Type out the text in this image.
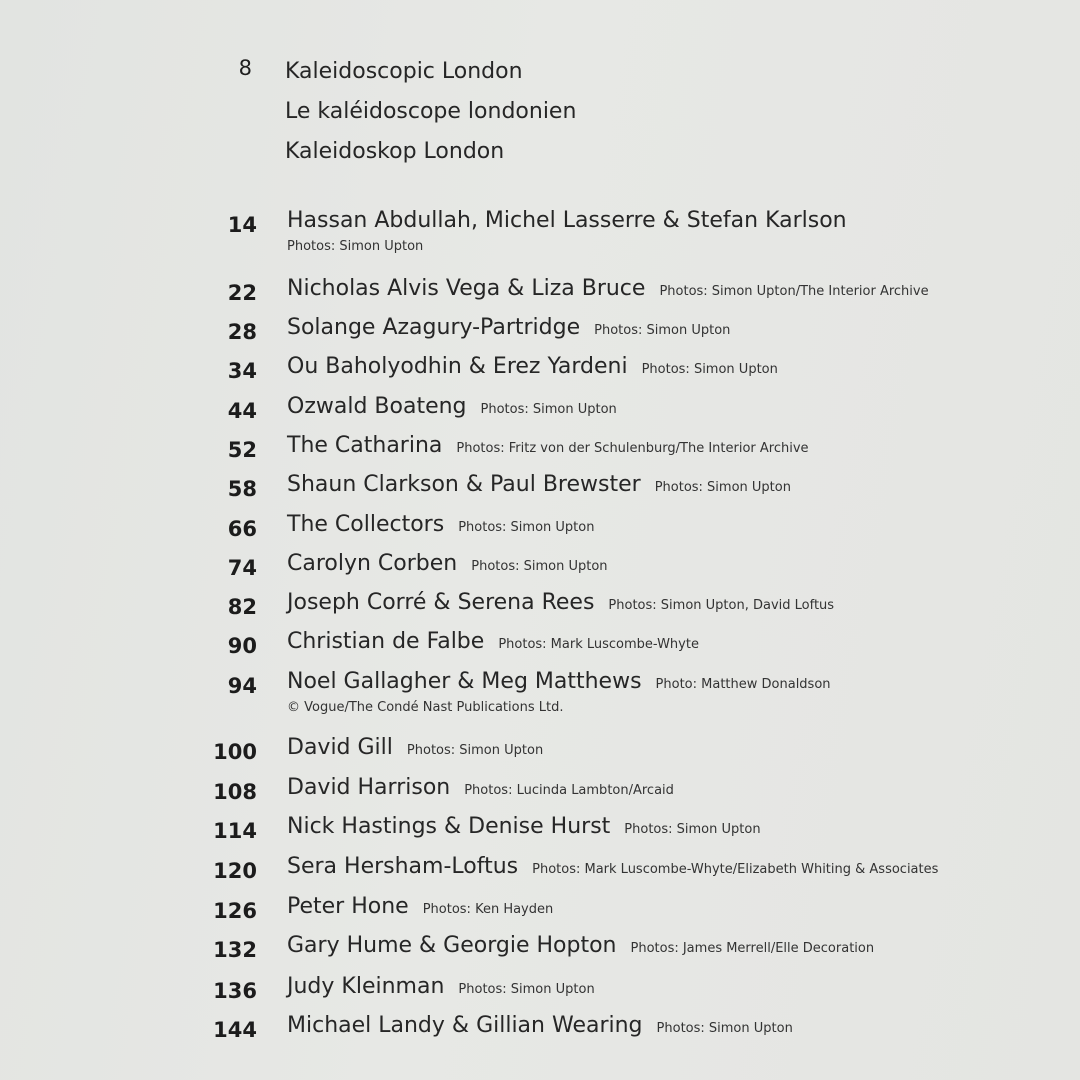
8 Kaleidoscopic London
Le kaléidoscope londonien
Kaleidoskop London
14 Hassan Abdullah, Michel Lasserre & Stefan Karlson
Photos: Simon Upton
22 Nicholas Alvis Vega & Liza Bruce Photos: Simon Upton/The Interior Archive
28 Solange Azagury-Partridge Photos: Simon Upton
34 Ou Baholyodhin & Erez Yardeni Photos: Simon Upton
44 Ozwald Boateng Photos: Simon Upton
52 The Catharina Photos: Fritz von der Schulenburg/The Interior Archive
58 Shaun Clarkson & Paul Brewster Photos: Simon Upton
66 The Collectors Photos: Simon Upton
74 Carolyn Corben Photos: Simon Upton
82 Joseph Corré & Serena Rees Photos: Simon Upton, David Loftus
90 Christian de Falbe Photos: Mark Luscombe-Whyte
94 Noel Gallagher & Meg Matthews Photo: Matthew Donaldson
© Vogue/The Condé Nast Publications Ltd.
100 David Gill Photos: Simon Upton
108 David Harrison Photos: Lucinda Lambton/Arcaid
114 Nick Hastings & Denise Hurst Photos: Simon Upton
120 Sera Hersham-Loftus Photos: Mark Luscombe-Whyte/Elizabeth Whiting & Associates
126 Peter Hone Photos: Ken Hayden
132 Gary Hume & Georgie Hopton Photos: James Merrell/Elle Decoration
136 Judy Kleinman Photos: Simon Upton
144 Michael Landy & Gillian Wearing Photos: Simon Upton
